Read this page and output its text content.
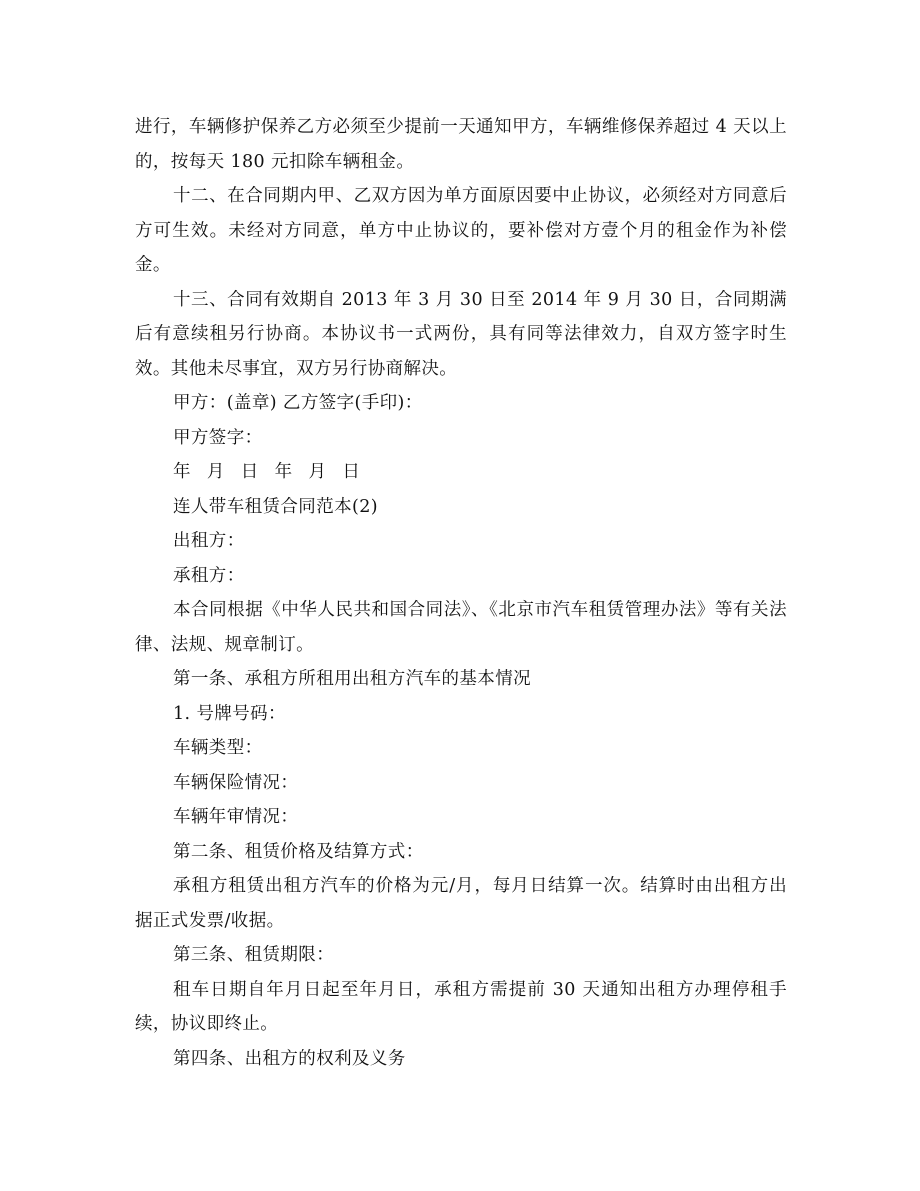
进行，车辆修护保养乙方必须至少提前一天通知甲方，车辆维修保养超过 4 天以上的，按每天 180 元扣除车辆租金。

十二、在合同期内甲、乙双方因为单方面原因要中止协议，必须经对方同意后方可生效。未经对方同意，单方中止协议的，要补偿对方壹个月的租金作为补偿金。

十三、合同有效期自 2013 年 3 月 30 日至 2014 年 9 月 30 日，合同期满后有意续租另行协商。本协议书一式两份，具有同等法律效力，自双方签字时生效。其他未尽事宜，双方另行协商解决。

甲方：(盖章) 乙方签字(手印)：

甲方签字：

年 月 日 年 月 日

连人带车租赁合同范本(2)

出租方：

承租方：

本合同根据《中华人民共和国合同法》、《北京市汽车租赁管理办法》等有关法律、法规、规章制订。

第一条、承租方所租用出租方汽车的基本情况

1. 号牌号码：

车辆类型：

车辆保险情况：

车辆年审情况：

第二条、租赁价格及结算方式：

承租方租赁出租方汽车的价格为元/月，每月日结算一次。结算时由出租方出据正式发票/收据。

第三条、租赁期限：

租车日期自年月日起至年月日，承租方需提前 30 天通知出租方办理停租手续，协议即终止。

第四条、出租方的权利及义务
